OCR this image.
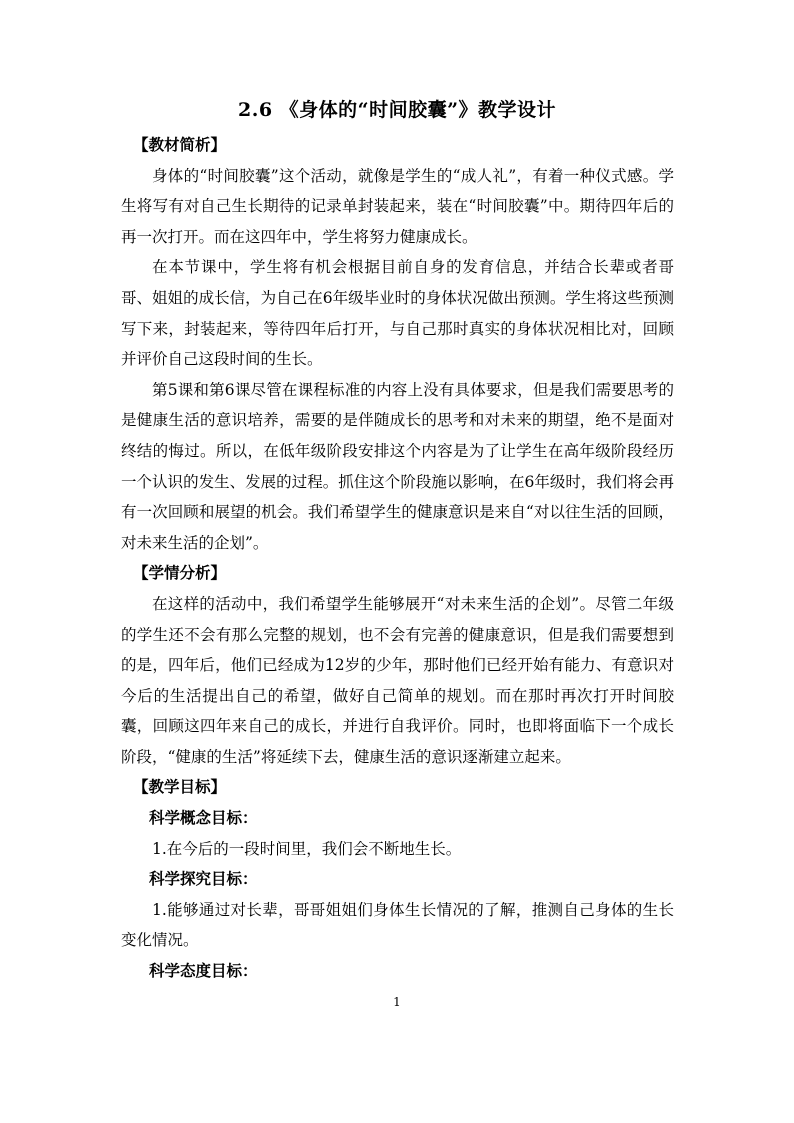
2.6 《身体的“时间胶囊”》教学设计

【教材简析】

身体的“时间胶囊”这个活动，就像是学生的“成人礼”，有着一种仪式感。学生将写有对自己生长期待的记录单封装起来，装在“时间胶囊”中。期待四年后的再一次打开。而在这四年中，学生将努力健康成长。

在本节课中，学生将有机会根据目前自身的发育信息，并结合长辈或者哥哥、姐姐的成长信，为自己在6年级毕业时的身体状况做出预测。学生将这些预测写下来，封装起来，等待四年后打开，与自己那时真实的身体状况相比对，回顾并评价自己这段时间的生长。

第5课和第6课尽管在课程标准的内容上没有具体要求，但是我们需要思考的是健康生活的意识培养，需要的是伴随成长的思考和对未来的期望，绝不是面对终结的悔过。所以，在低年级阶段安排这个内容是为了让学生在高年级阶段经历一个认识的发生、发展的过程。抓住这个阶段施以影响，在6年级时，我们将会再有一次回顾和展望的机会。我们希望学生的健康意识是来自“对以往生活的回顾，对未来生活的企划”。

【学情分析】

在这样的活动中，我们希望学生能够展开“对未来生活的企划”。尽管二年级的学生还不会有那么完整的规划，也不会有完善的健康意识，但是我们需要想到的是，四年后，他们已经成为12岁的少年，那时他们已经开始有能力、有意识对今后的生活提出自己的希望，做好自己简单的规划。而在那时再次打开时间胶囊，回顾这四年来自己的成长，并进行自我评价。同时，也即将面临下一个成长阶段，“健康的生活”将延续下去，健康生活的意识逐渐建立起来。

【教学目标】

科学概念目标：

1.在今后的一段时间里，我们会不断地生长。

科学探究目标：

1.能够通过对长辈，哥哥姐姐们身体生长情况的了解，推测自己身体的生长变化情况。

科学态度目标：

1
